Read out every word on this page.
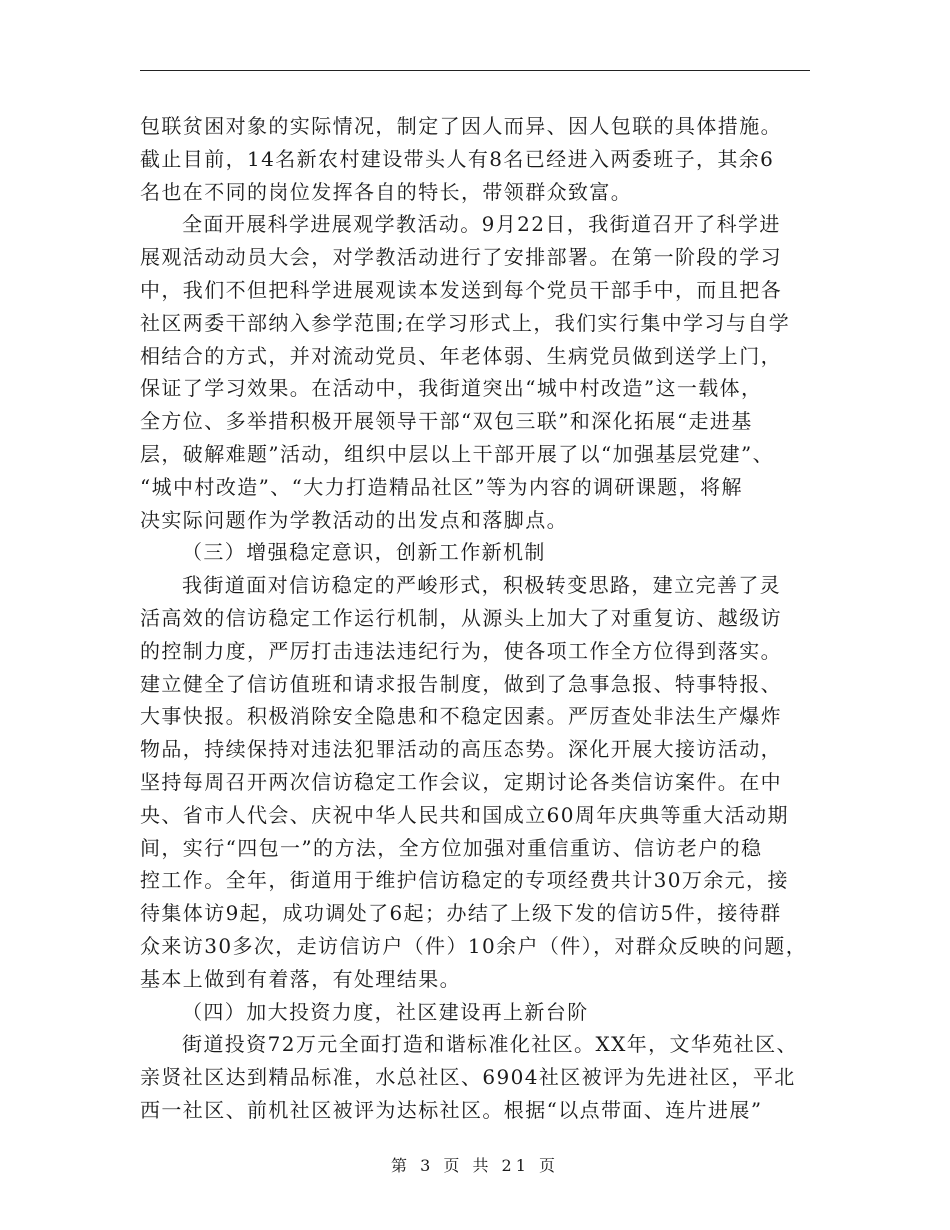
包联贫困对象的实际情况，制定了因人而异、因人包联的具体措施。
截止目前，14名新农村建设带头人有8名已经进入两委班子，其余6
名也在不同的岗位发挥各自的特长，带领群众致富。
全面开展科学进展观学教活动。9月22日，我街道召开了科学进
展观活动动员大会，对学教活动进行了安排部署。在第一阶段的学习
中，我们不但把科学进展观读本发送到每个党员干部手中，而且把各
社区两委干部纳入参学范围;在学习形式上，我们实行集中学习与自学
相结合的方式，并对流动党员、年老体弱、生病党员做到送学上门，
保证了学习效果。在活动中，我街道突出“城中村改造”这一载体，
全方位、多举措积极开展领导干部“双包三联”和深化拓展“走进基
层，破解难题”活动，组织中层以上干部开展了以“加强基层党建”、
“城中村改造”、“大力打造精品社区”等为内容的调研课题，将解
决实际问题作为学教活动的出发点和落脚点。
（三）增强稳定意识，创新工作新机制
我街道面对信访稳定的严峻形式，积极转变思路，建立完善了灵
活高效的信访稳定工作运行机制，从源头上加大了对重复访、越级访
的控制力度，严厉打击违法违纪行为，使各项工作全方位得到落实。
建立健全了信访值班和请求报告制度，做到了急事急报、特事特报、
大事快报。积极消除安全隐患和不稳定因素。严厉查处非法生产爆炸
物品，持续保持对违法犯罪活动的高压态势。深化开展大接访活动，
坚持每周召开两次信访稳定工作会议，定期讨论各类信访案件。在中
央、省市人代会、庆祝中华人民共和国成立60周年庆典等重大活动期
间，实行“四包一”的方法，全方位加强对重信重访、信访老户的稳
控工作。全年，街道用于维护信访稳定的专项经费共计30万余元，接
待集体访9起，成功调处了6起；办结了上级下发的信访5件，接待群
众来访30多次，走访信访户（件）10余户（件），对群众反映的问题，
基本上做到有着落，有处理结果。
（四）加大投资力度，社区建设再上新台阶
街道投资72万元全面打造和谐标准化社区。XX年，文华苑社区、
亲贤社区达到精品标准，水总社区、6904社区被评为先进社区，平北
西一社区、前机社区被评为达标社区。根据“以点带面、连片进展”
第 3 页 共 21 页
